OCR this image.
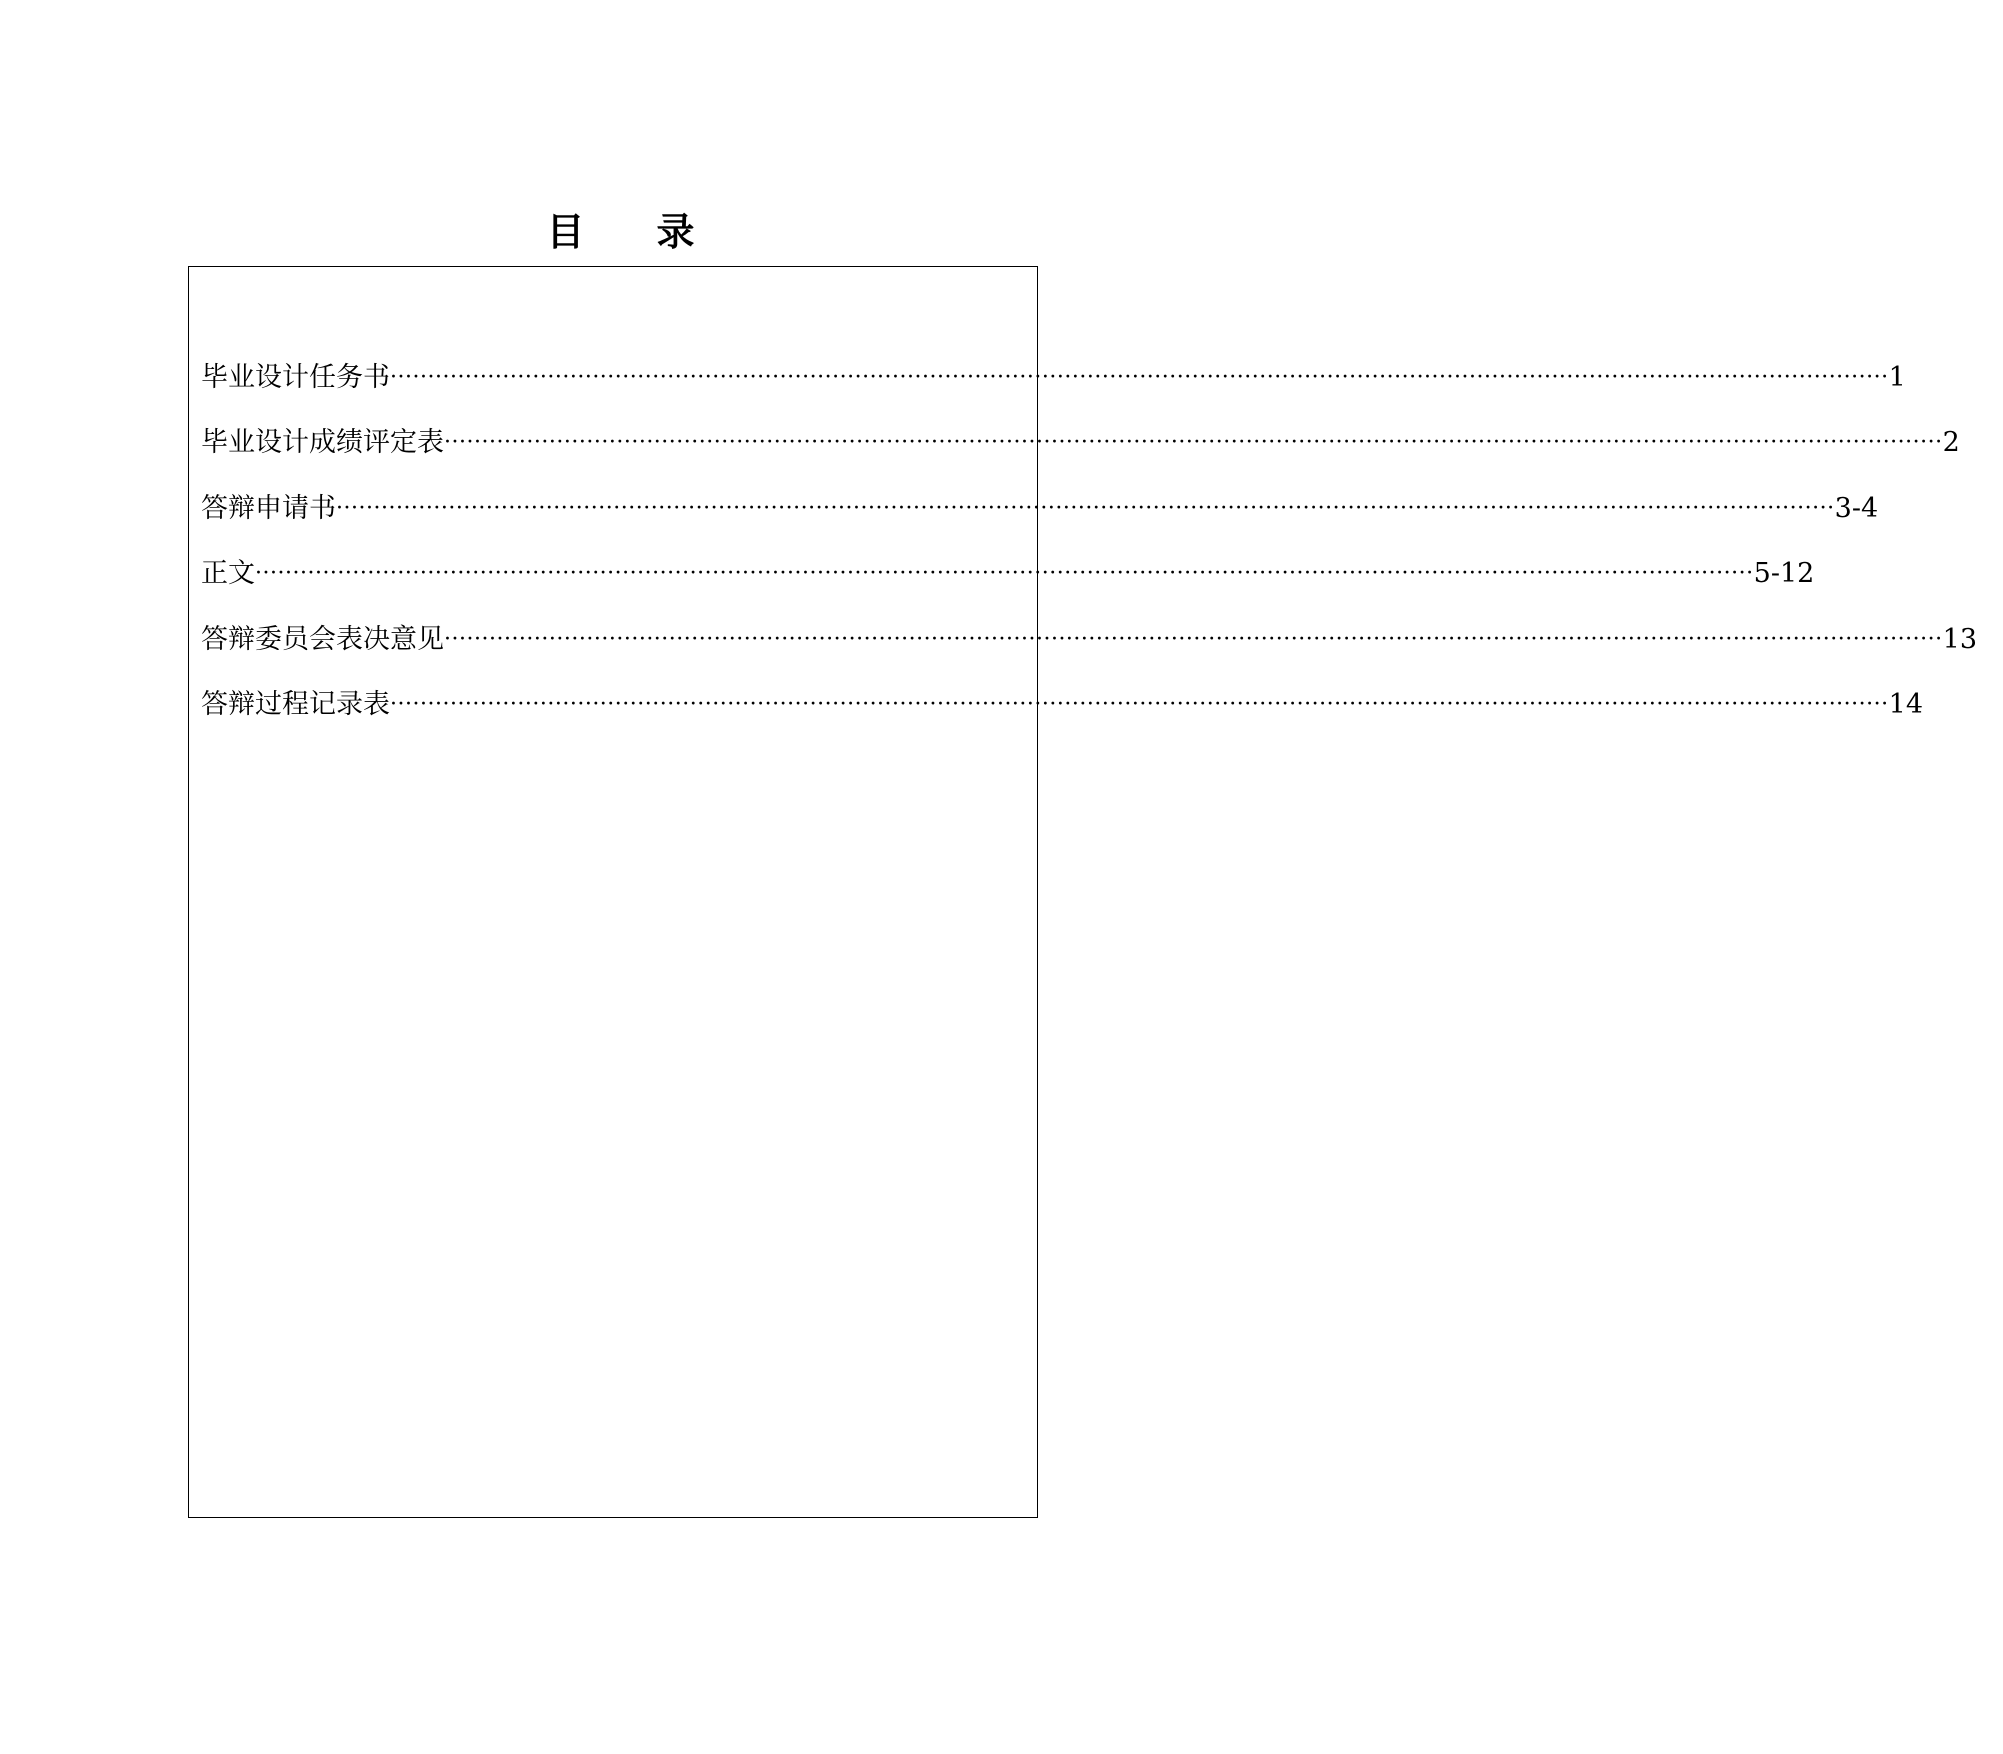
目 录
毕业设计任务书 ········································································································································································································ 1
毕业设计成绩评定表 ········································································································································································································ 2
答辩申请书 ········································································································································································································ 3-4
正文 ········································································································································································································ 5-12
答辩委员会表决意见 ········································································································································································································ 13
答辩过程记录表 ········································································································································································································ 14
